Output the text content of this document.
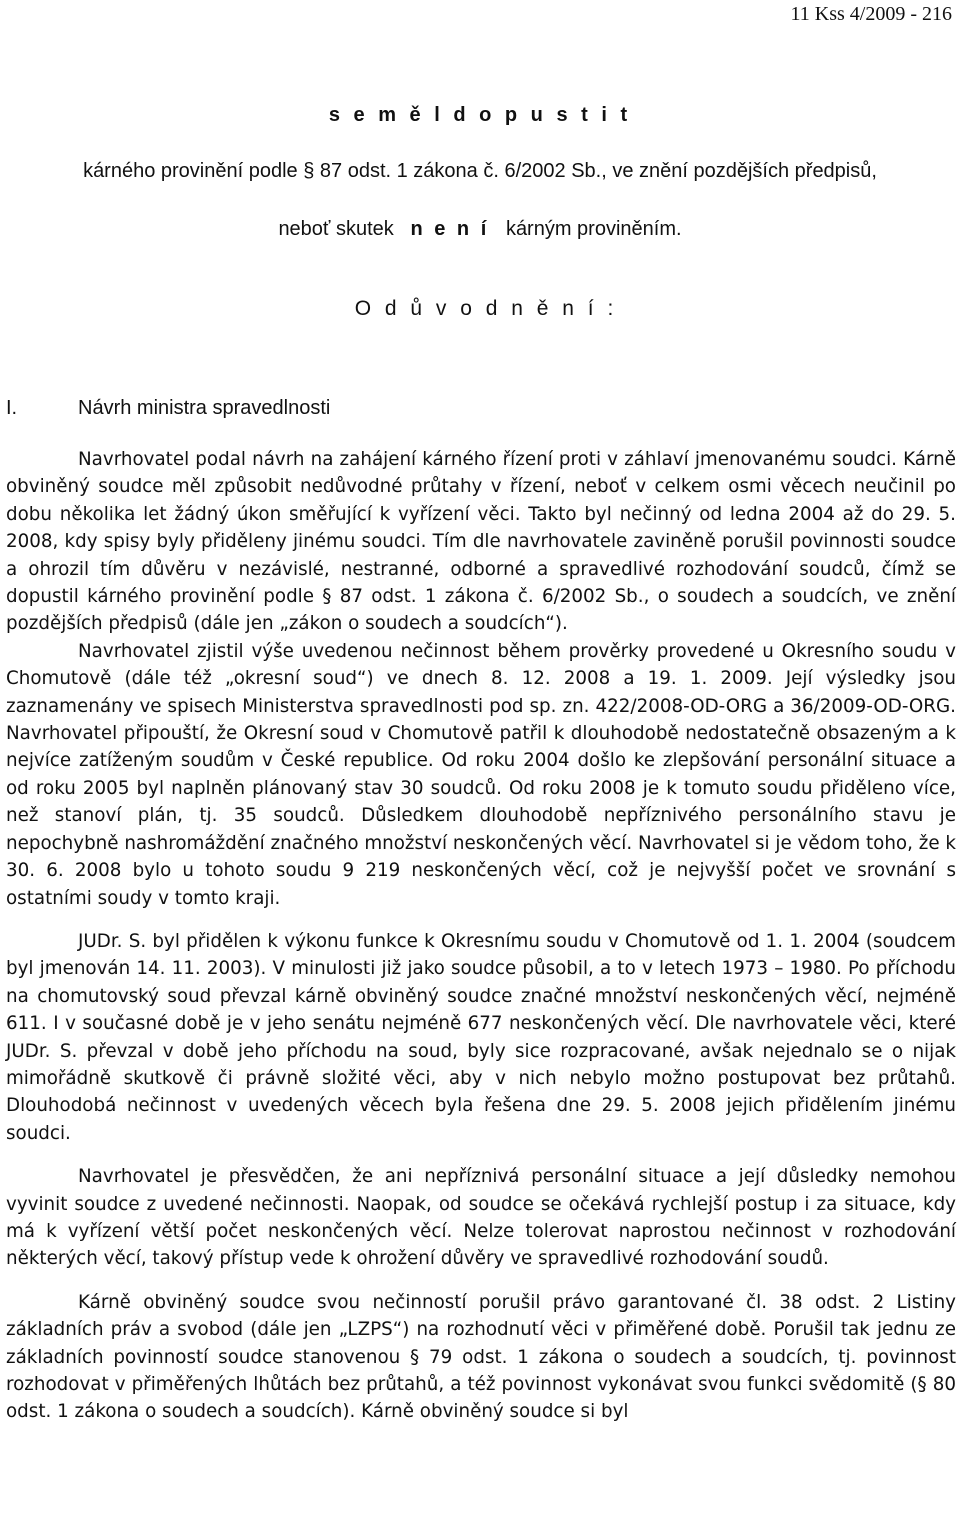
11 Kss 4/2009 - 216
s e m ě l d o p u s t i t
kárného provinění podle § 87 odst. 1 zákona č. 6/2002 Sb., ve znění pozdějších předpisů,
neboť skutek n e n í kárným proviněním.
O d ů v o d n ě n í :
I.	Návrh ministra spravedlnosti

Navrhovatel podal návrh na zahájení kárného řízení proti v záhlaví jmenovanému soudci. Kárně obviněný soudce měl způsobit nedůvodné průtahy v řízení, neboť v celkem osmi věcech neučinil po dobu několika let žádný úkon směřující k vyřízení věci. Takto byl nečinný od ledna 2004 až do 29. 5. 2008, kdy spisy byly přiděleny jinému soudci. Tím dle navrhovatele zaviněně porušil povinnosti soudce a ohrozil tím důvěru v nezávislé, nestranné, odborné a spravedlivé rozhodování soudců, čímž se dopustil kárného provinění podle § 87 odst. 1 zákona č. 6/2002 Sb., o soudech a soudcích, ve znění pozdějších předpisů (dále jen „zákon o soudech a soudcích“).

Navrhovatel zjistil výše uvedenou nečinnost během prověrky provedené u Okresního soudu v Chomutově (dále též „okresní soud“) ve dnech 8. 12. 2008 a 19. 1. 2009. Její výsledky jsou zaznamenány ve spisech Ministerstva spravedlnosti pod sp. zn. 422/2008-OD-ORG a 36/2009-OD-ORG. Navrhovatel připouští, že Okresní soud v Chomutově patřil k dlouhodobě nedostatečně obsazeným a k nejvíce zatíženým soudům v České republice. Od roku 2004 došlo ke zlepšování personální situace a od roku 2005 byl naplněn plánovaný stav 30 soudců. Od roku 2008 je k tomuto soudu přiděleno více, než stanoví plán, tj. 35 soudců. Důsledkem dlouhodobě nepříznivého personálního stavu je nepochybně nashromáždění značného množství neskončených věcí. Navrhovatel si je vědom toho, že k 30. 6. 2008 bylo u tohoto soudu 9 219 neskončených věcí, což je nejvyšší počet ve srovnání s ostatními soudy v tomto kraji.

JUDr. S. byl přidělen k výkonu funkce k Okresnímu soudu v Chomutově od 1. 1. 2004 (soudcem byl jmenován 14. 11. 2003). V minulosti již jako soudce působil, a to v letech 1973 – 1980. Po příchodu na chomutovský soud převzal kárně obviněný soudce značné množství neskončených věcí, nejméně 611. I v současné době je v jeho senátu nejméně 677 neskončených věcí. Dle navrhovatele věci, které JUDr. S. převzal v době jeho příchodu na soud, byly sice rozpracované, avšak nejednalo se o nijak mimořádně skutkově či právně složité věci, aby v nich nebylo možno postupovat bez průtahů. Dlouhodobá nečinnost v uvedených věcech byla řešena dne 29. 5. 2008 jejich přidělením jinému soudci.

Navrhovatel je přesvědčen, že ani nepříznivá personální situace a její důsledky nemohou vyvinit soudce z uvedené nečinnosti. Naopak, od soudce se očekává rychlejší postup i za situace, kdy má k vyřízení větší počet neskončených věcí. Nelze tolerovat naprostou nečinnost v rozhodování některých věcí, takový přístup vede k ohrožení důvěry ve spravedlivé rozhodování soudů.

Kárně obviněný soudce svou nečinností porušil právo garantované čl. 38 odst. 2 Listiny základních práv a svobod (dále jen „LZPS“) na rozhodnutí věci v přiměřené době. Porušil tak jednu ze základních povinností soudce stanovenou § 79 odst. 1 zákona o soudech a soudcích, tj. povinnost rozhodovat v přiměřených lhůtách bez průtahů, a též povinnost vykonávat svou funkci svědomitě (§ 80 odst. 1 zákona o soudech a soudcích). Kárně obviněný soudce si byl
